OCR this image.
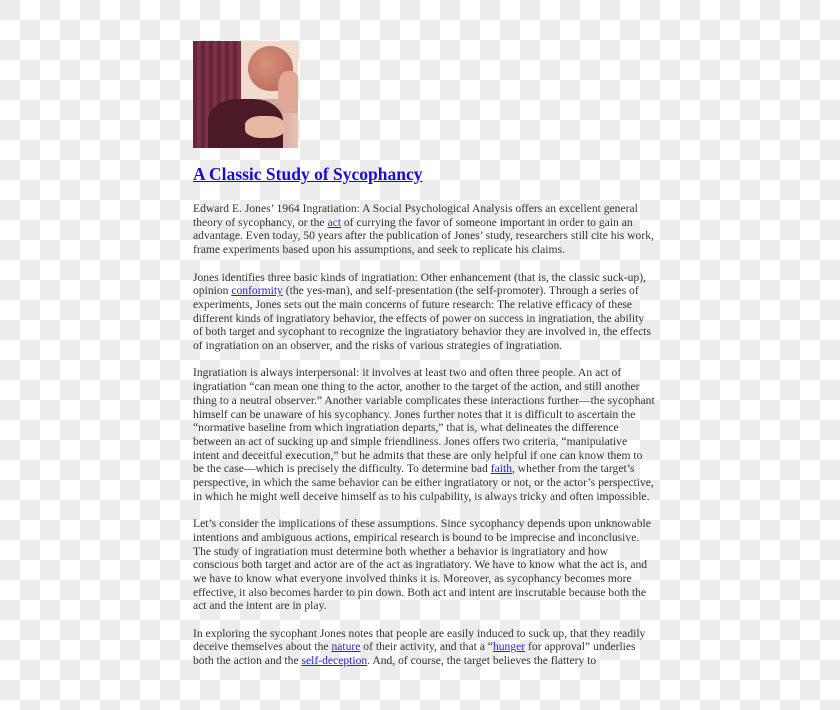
A Classic Study of Sycophancy

Edward E. Jones’ 1964 Ingratiation: A Social Psychological Analysis offers an excellent general theory of sycophancy, or the act of currying the favor of someone important in order to gain an advantage. Even today, 50 years after the publication of Jones’ study, researchers still cite his work, frame experiments based upon his assumptions, and seek to replicate his claims.

Jones identifies three basic kinds of ingratiation: Other enhancement (that is, the classic suck-up), opinion conformity (the yes-man), and self-presentation (the self-promoter). Through a series of experiments, Jones sets out the main concerns of future research: The relative efficacy of these different kinds of ingratiatory behavior, the effects of power on success in ingratiation, the ability of both target and sycophant to recognize the ingratiatory behavior they are involved in, the effects of ingratiation on an observer, and the risks of various strategies of ingratiation.

Ingratiation is always interpersonal: it involves at least two and often three people. An act of ingratiation “can mean one thing to the actor, another to the target of the action, and still another thing to a neutral observer.” Another variable complicates these interactions further—the sycophant himself can be unaware of his sycophancy. Jones further notes that it is difficult to ascertain the “normative baseline from which ingratiation departs,” that is, what delineates the difference between an act of sucking up and simple friendliness. Jones offers two criteria, “manipulative intent and deceitful execution,” but he admits that these are only helpful if one can know them to be the case—which is precisely the difficulty. To determine bad faith, whether from the target’s perspective, in which the same behavior can be either ingratiatory or not, or the actor’s perspective, in which he might well deceive himself as to his culpability, is always tricky and often impossible.

Let’s consider the implications of these assumptions. Since sycophancy depends upon unknowable intentions and ambiguous actions, empirical research is bound to be imprecise and inconclusive. The study of ingratiation must determine both whether a behavior is ingratiatory and how conscious both target and actor are of the act as ingratiatory. We have to know what the act is, and we have to know what everyone involved thinks it is. Moreover, as sycophancy becomes more effective, it also becomes harder to pin down. Both act and intent are inscrutable because both the act and the intent are in play.

In exploring the sycophant Jones notes that people are easily induced to suck up, that they readily deceive themselves about the nature of their activity, and that a “hunger for approval” underlies both the action and the self-deception. And, of course, the target believes the flattery to
